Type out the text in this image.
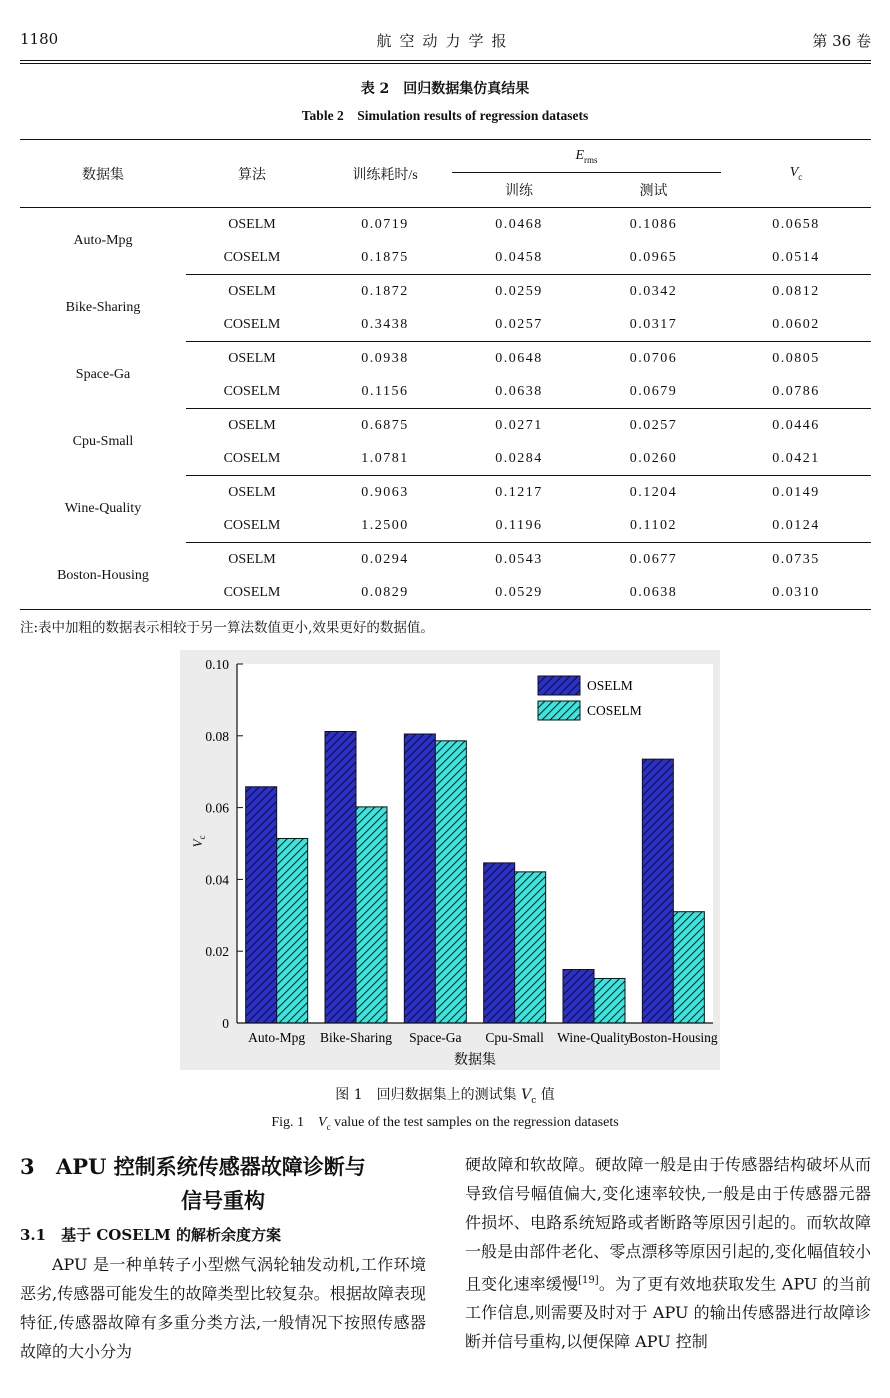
1180	航空动力学报	第 36 卷
表 2　回归数据集仿真结果
Table 2　Simulation results of regression datasets
数据集	算法	训练耗时/s	$E_{rms}$		$V_c$
			训练	测试	
Auto-Mpg	OSELM	0.0719	0.0468	0.1086	0.0658
	COSELM	0.1875	0.0458	0.0965	0.0514
Bike-Sharing	OSELM	0.1872	0.0259	0.0342	0.0812
	COSELM	0.3438	0.0257	0.0317	0.0602
Space-Ga	OSELM	0.0938	0.0648	0.0706	0.0805
	COSELM	0.1156	0.0638	0.0679	0.0786
Cpu-Small	OSELM	0.6875	0.0271	0.0257	0.0446
	COSELM	1.0781	0.0284	0.0260	0.0421
Wine-Quality	OSELM	0.9063	0.1217	0.1204	0.0149
	COSELM	1.2500	0.1196	0.1102	0.0124
Boston-Housing	OSELM	0.0294	0.0543	0.0677	0.0735
	COSELM	0.0829	0.0529	0.0638	0.0310
注:表中加粗的数据表示相较于另一算法数值更小,效果更好的数据值。
Auto-Mpg Bike-Sharing Space-Ga Cpu-Small Wine-Quality
Boston-Housing
0
0.02
0.04
0.06
0.08
0.10
$V_c$
数据集
OSELM
COSELM
图 1　回归数据集上的测试集 $V_c$ 值
Fig. 1　$V_c$ value of the test samples on the regression datasets
3 APU 控制系统传感器故障诊断与
信号重构
3.1　基于 COSELM 的解析余度方案
APU 是一种单转子小型燃气涡轮轴发动机,工作环境恶劣,传感器可能发生的故障类型比较复杂。根据故障表现特征,传感器故障有多重分类方法,一般情况下按照传感器故障的大小分为
硬故障和软故障。硬故障一般是由于传感器结构破坏从而导致信号幅值偏大,变化速率较快,一般是由于传感器元器件损坏、电路系统短路或者断路等原因引起的。而软故障一般是由部件老化、零点漂移等原因引起的,变化幅值较小且变化速率缓慢[19]。为了更有效地获取发生 APU 的当前工作信息,则需要及时对于 APU 的输出传感器进行故障诊断并信号重构,以便保障 APU 控制
